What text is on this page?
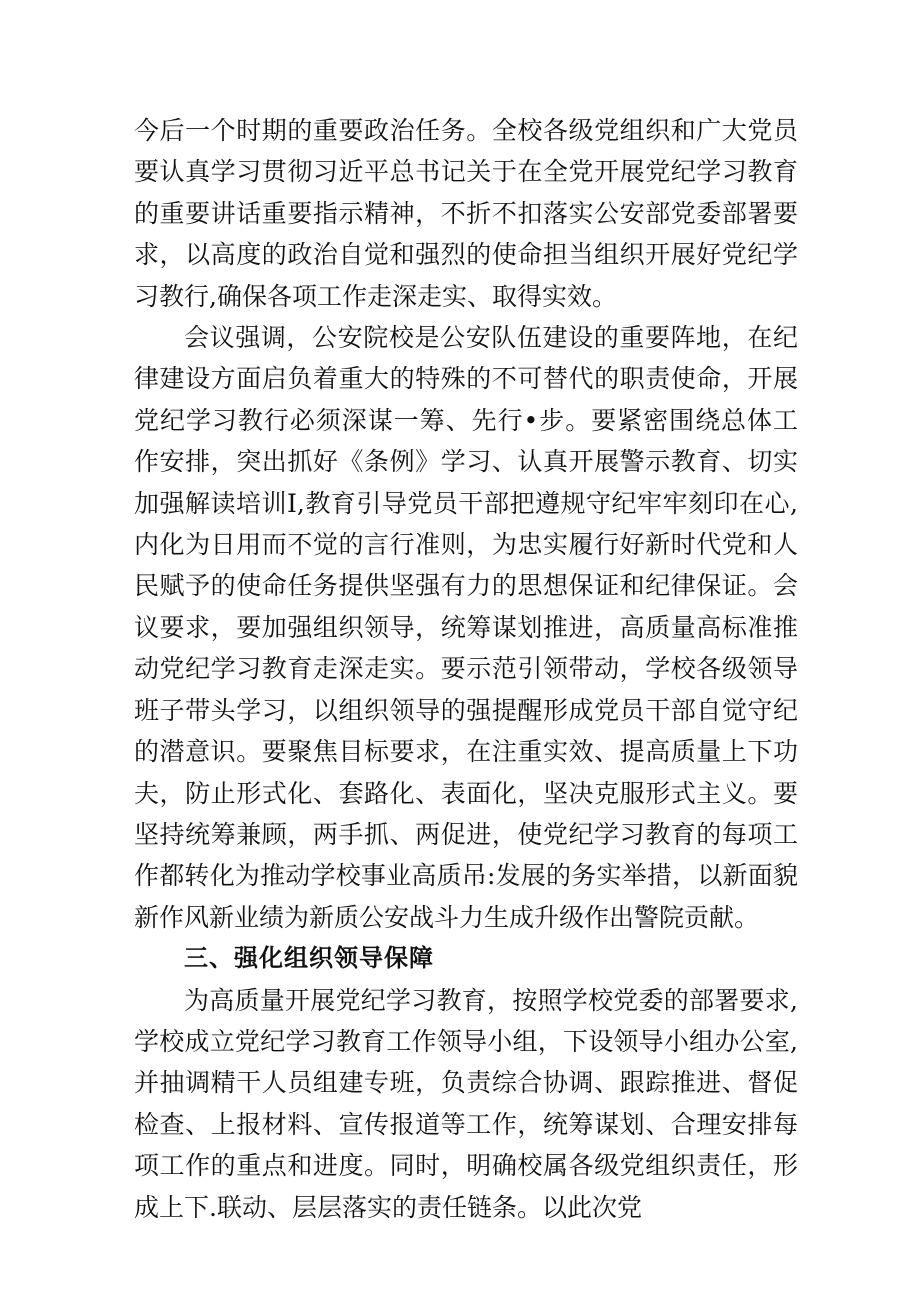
今后一个时期的重要政治任务。全校各级党组织和广大党员要认真学习贯彻习近平总书记关于在全党开展党纪学习教育的重要讲话重要指示精神，不折不扣落实公安部党委部署要求，以高度的政治自觉和强烈的使命担当组织开展好党纪学习教行,确保各项工作走深走实、取得实效。

会议强调，公安院校是公安队伍建设的重要阵地，在纪律建设方面启负着重大的特殊的不可替代的职责使命，开展党纪学习教行必须深谋一筹、先行•步。要紧密围绕总体工作安排，突出抓好《条例》学习、认真开展警示教育、切实加强解读培训I,教育引导党员干部把遵规守纪牢牢刻印在心,内化为日用而不觉的言行准则，为忠实履行好新时代党和人民赋予的使命任务提供坚强有力的思想保证和纪律保证。会议要求，要加强组织领导，统筹谋划推进，高质量高标准推动党纪学习教育走深走实。要示范引领带动，学校各级领导班子带头学习，以组织领导的强提醒形成党员干部自觉守纪的潜意识。要聚焦目标要求，在注重实效、提高质量上下功夫，防止形式化、套路化、表面化，坚决克服形式主义。要坚持统筹兼顾，两手抓、两促进，使党纪学习教育的每项工作都转化为推动学校事业高质吊:发展的务实举措，以新面貌新作风新业绩为新质公安战斗力生成升级作出警院贡献。

三、强化组织领导保障

为高质量开展党纪学习教育，按照学校党委的部署要求,学校成立党纪学习教育工作领导小组，下设领导小组办公室,并抽调精干人员组建专班，负责综合协调、跟踪推进、督促检查、上报材料、宣传报道等工作，统筹谋划、合理安排每项工作的重点和进度。同时，明确校属各级党组织责任，形成上下.联动、层层落实的责任链条。以此次党
